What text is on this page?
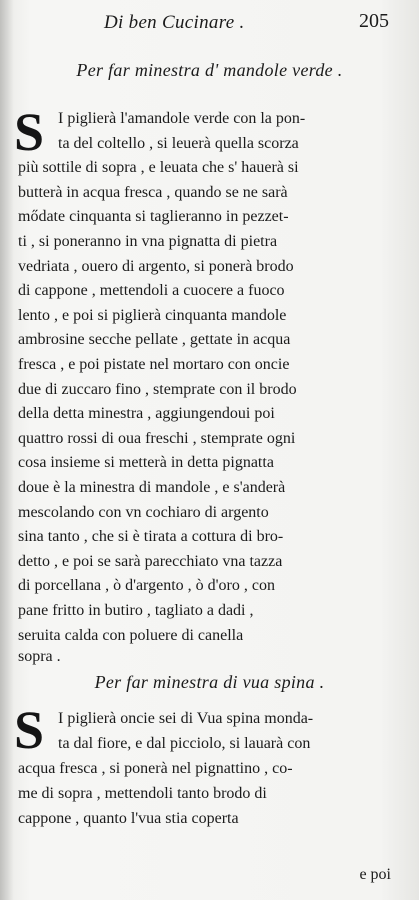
Di ben Cucinare .	205
Per far minestra d' mandole verde .
S I piglierà l'amandole verde con la pon-
ta del coltello , si leuerà quella scorza
più sottile di sopra , e leuata che s' hauerà si
butterà in acqua fresca , quando se ne sarà
mődate cinquanta si taglieranno in pezzet-
ti , si poneranno in vna pignatta di pietra
vedriata , ouero di argento, si ponerà brodo
di cappone , mettendoli a cuocere a fuoco
lento , e poi si piglierà cinquanta mandole
ambrosine secche pellate , gettate in acqua
fresca , e poi pistate nel mortaro con oncie
due di zuccaro fino , stemprate con il brodo
della detta minestra , aggiungendoui poi
quattro rossi di oua freschi , stemprate ogni
cosa insieme si metterà in detta pignatta
doue è la minestra di mandole , e s'anderà
mescolando con vn cochiaro di argento
sina tanto , che si è tirata a cottura di bro-
detto , e poi se sarà parecchiato vna tazza
di porcellana , ò d'argento , ò d'oro , con
pane fritto in butiro , tagliato a dadi ,
seruita calda con poluere di canella
sopra .
Per far minestra di vua spina .
S I piglierà oncie sei di Vua spina monda-
ta dal fiore, e dal picciolo, si lauarà con
acqua fresca , si ponerà nel pignattino , co-
me di sopra , mettendoli tanto brodo di
cappone , quanto l'vua stia coperta
e poi
